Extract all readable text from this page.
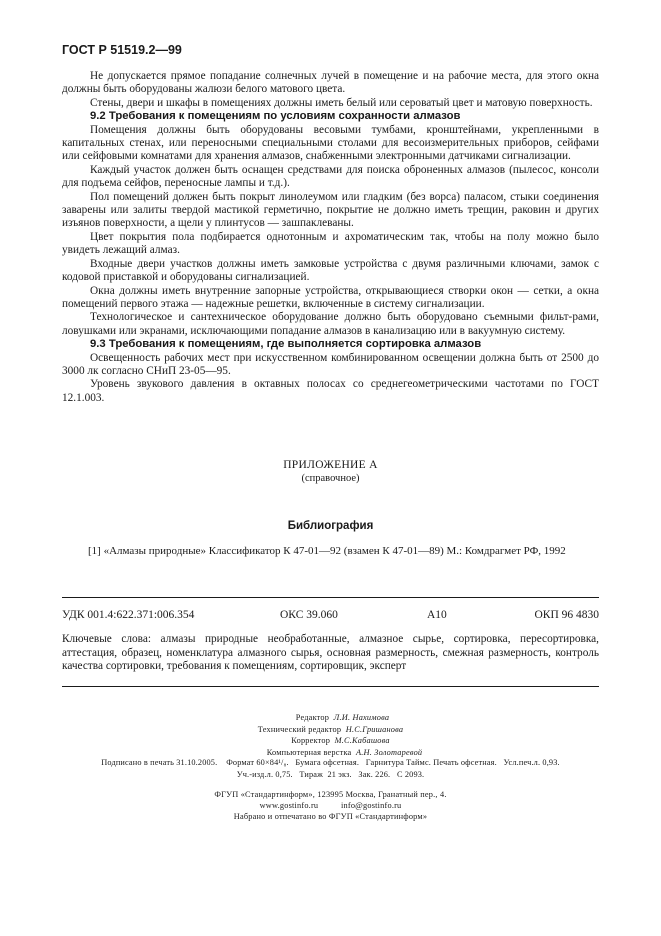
ГОСТ Р 51519.2—99

Не допускается прямое попадание солнечных лучей в помещение и на рабочие места, для этого окна должны быть оборудованы жалюзи белого матового цвета.

Стены, двери и шкафы в помещениях должны иметь белый или сероватый цвет и матовую поверхность.

9.2 Требования к помещениям по условиям сохранности алмазов

Помещения должны быть оборудованы весовыми тумбами, кронштейнами, укрепленными в капитальных стенах, или переносными специальными столами для весоизмерительных приборов, сейфами или сейфовыми комнатами для хранения алмазов, снабженными электронными датчиками сигнализации.

Каждый участок должен быть оснащен средствами для поиска оброненных алмазов (пылесос, консоли для подъема сейфов, переносные лампы и т.д.).

Пол помещений должен быть покрыт линолеумом или гладким (без ворса) паласом, стыки соединения заварены или залиты твердой мастикой герметично, покрытие не должно иметь трещин, раковин и других изъянов поверхности, а щели у плинтусов — зашпаклеваны.

Цвет покрытия пола подбирается однотонным и ахроматическим так, чтобы на полу можно было увидеть лежащий алмаз.

Входные двери участков должны иметь замковые устройства с двумя различными ключами, замок с кодовой приставкой и оборудованы сигнализацией.

Окна должны иметь внутренние запорные устройства, открывающиеся створки окон — сетки, а окна помещений первого этажа — надежные решетки, включенные в систему сигнализации.

Технологическое и сантехническое оборудование должно быть оборудовано съемными фильт-рами, ловушками или экранами, исключающими попадание алмазов в канализацию или в вакуумную систему.

9.3 Требования к помещениям, где выполняется сортировка алмазов

Освещенность рабочих мест при искусственном комбинированном освещении должна быть от 2500 до 3000 лк согласно СНиП 23-05—95.

Уровень звукового давления в октавных полосах со среднегеометрическими частотами по ГОСТ 12.1.003.

ПРИЛОЖЕНИЕ А
(справочное)
Библиография
[1] «Алмазы природные» Классификатор К 47-01—92 (взамен К 47-01—89) М.: Комдрагмет РФ, 1992
УДК 001.4:622.371:006.354	ОКС 39.060	А10	ОКП 96 4830
Ключевые слова: алмазы природные необработанные, алмазное сырье, сортировка, пересортировка, аттестация, образец, номенклатура алмазного сырья, основная размерность, смежная размерность, контроль качества сортировки, требования к помещениям, сортировщик, эксперт
Редактор Л.И. Нахимова
Технический редактор Н.С.Гришанова
Корректор М.С.Кабашова
Компьютерная верстка А.Н. Золотаревой
Подписано в печать 31.10.2005.    Формат 60×84¹/₈.   Бумага офсетная.   Гарнитура Таймс. Печать офсетная.   Усл.печ.л. 0,93.
Уч.-изд.л. 0,75.   Тираж  21 экз.   Зак. 226.   С 2093.
ФГУП «Стандартинформ», 123995 Москва, Гранатный пер., 4.
www.gostinfo.ru          info@gostinfo.ru
Набрано и отпечатано во ФГУП «Стандартинформ»
